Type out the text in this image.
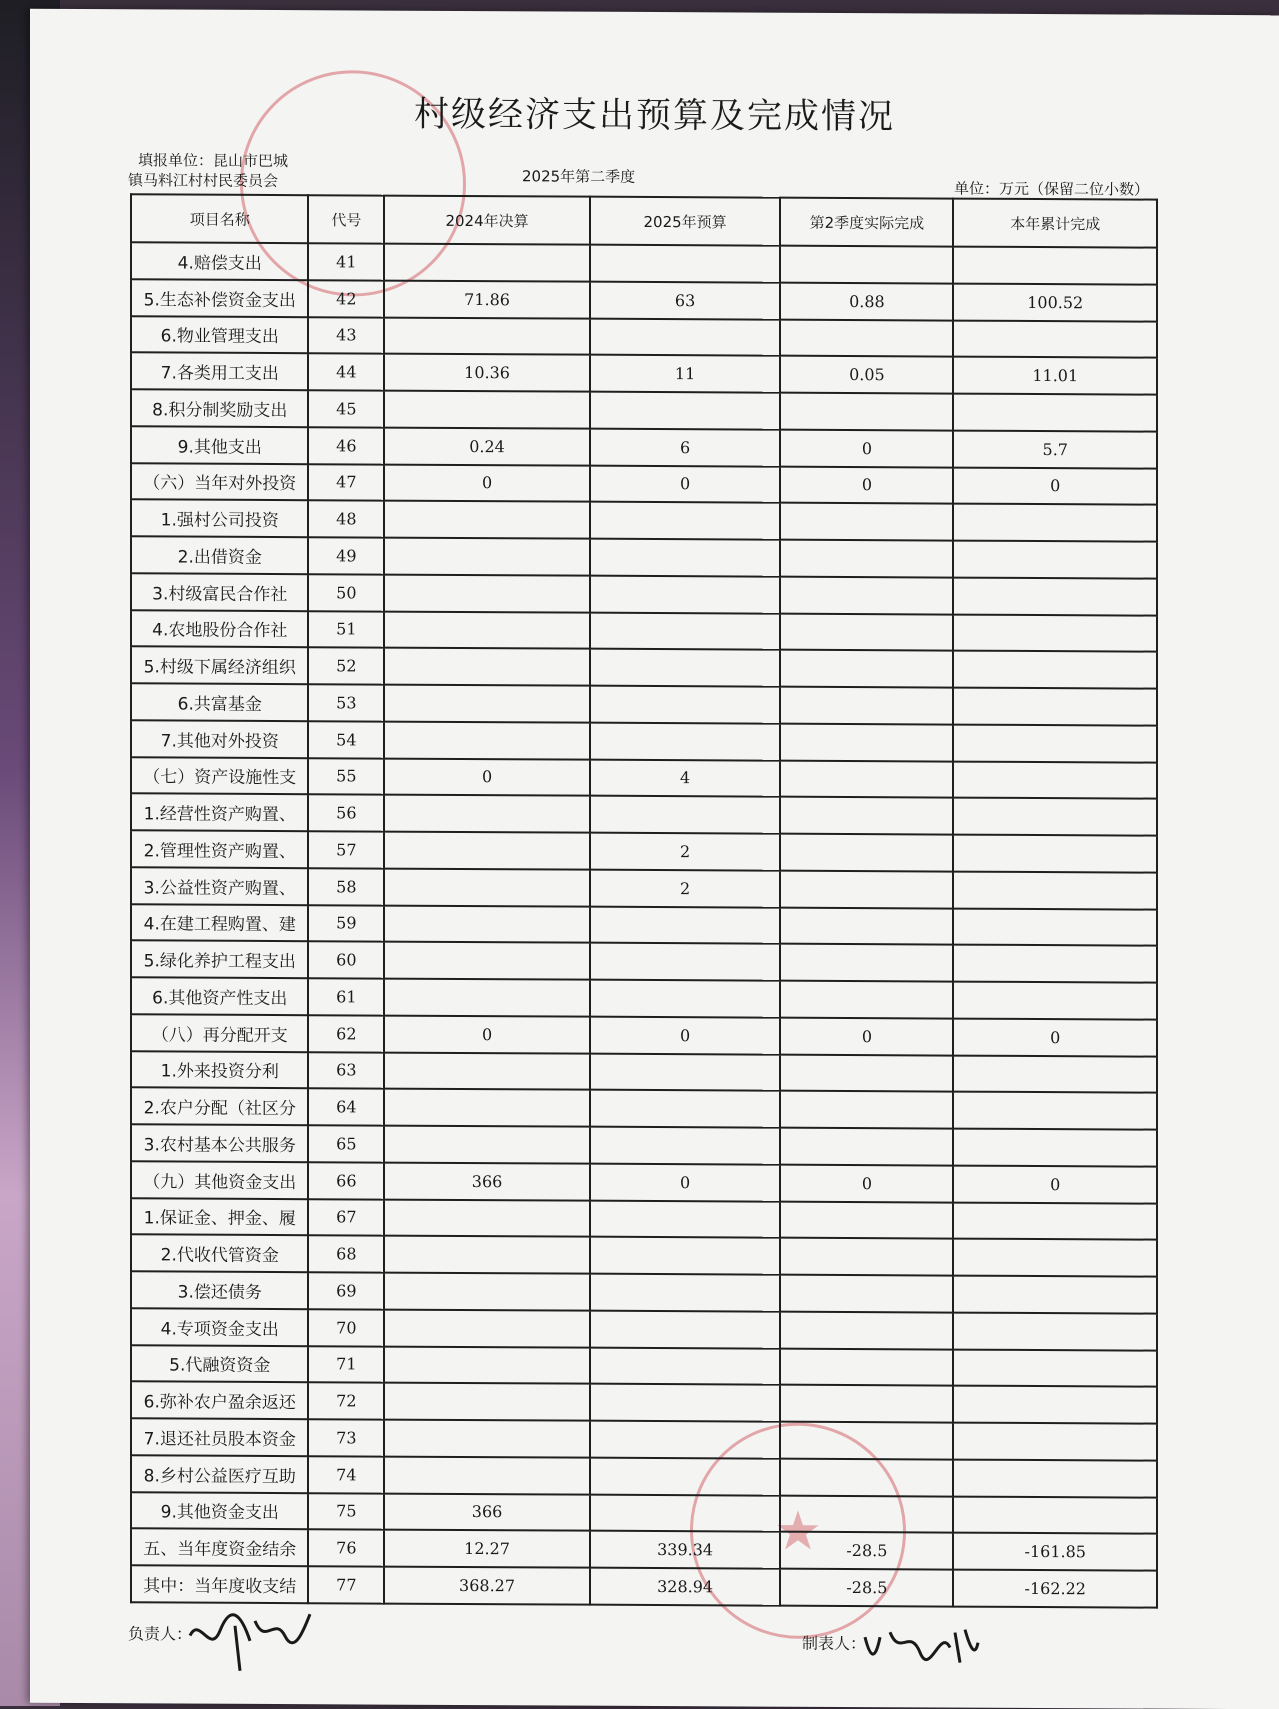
★
村级经济支出预算及完成情况
填报单位：昆山市巴城
镇马料江村村民委员会	2025年第二季度
单位：万元（保留二位小数）
项目名称	代号	2024年决算	2025年预算	第2季度实际完成	本年累计完成
4.赔偿支出	41				
5.生态补偿资金支出	42	71.86	63	0.88	100.52
6.物业管理支出	43				
7.各类用工支出	44	10.36	11	0.05	11.01
8.积分制奖励支出	45				
9.其他支出	46	0.24	6	0	5.7
（六）当年对外投资	47	0	0	0	0
1.强村公司投资	48				
2.出借资金	49				
3.村级富民合作社	50				
4.农地股份合作社	51				
5.村级下属经济组织	52				
6.共富基金	53				
7.其他对外投资	54				
（七）资产设施性支	55	0	4		
1.经营性资产购置、	56				
2.管理性资产购置、	57		2		
3.公益性资产购置、	58		2		
4.在建工程购置、建	59				
5.绿化养护工程支出	60				
6.其他资产性支出	61				
（八）再分配开支	62	0	0	0	0
1.外来投资分利	63				
2.农户分配（社区分	64				
3.农村基本公共服务	65				
（九）其他资金支出	66	366	0	0	0
1.保证金、押金、履	67				
2.代收代管资金	68				
3.偿还债务	69				
4.专项资金支出	70				
5.代融资资金	71				
6.弥补农户盈余返还	72				
7.退还社员股本资金	73				
8.乡村公益医疗互助	74				
9.其他资金支出	75	366			
五、当年度资金结余	76	12.27	339.34	-28.5	-161.85
其中：当年度收支结	77	368.27	328.94	-28.5	-162.22
负责人：	制表人：
